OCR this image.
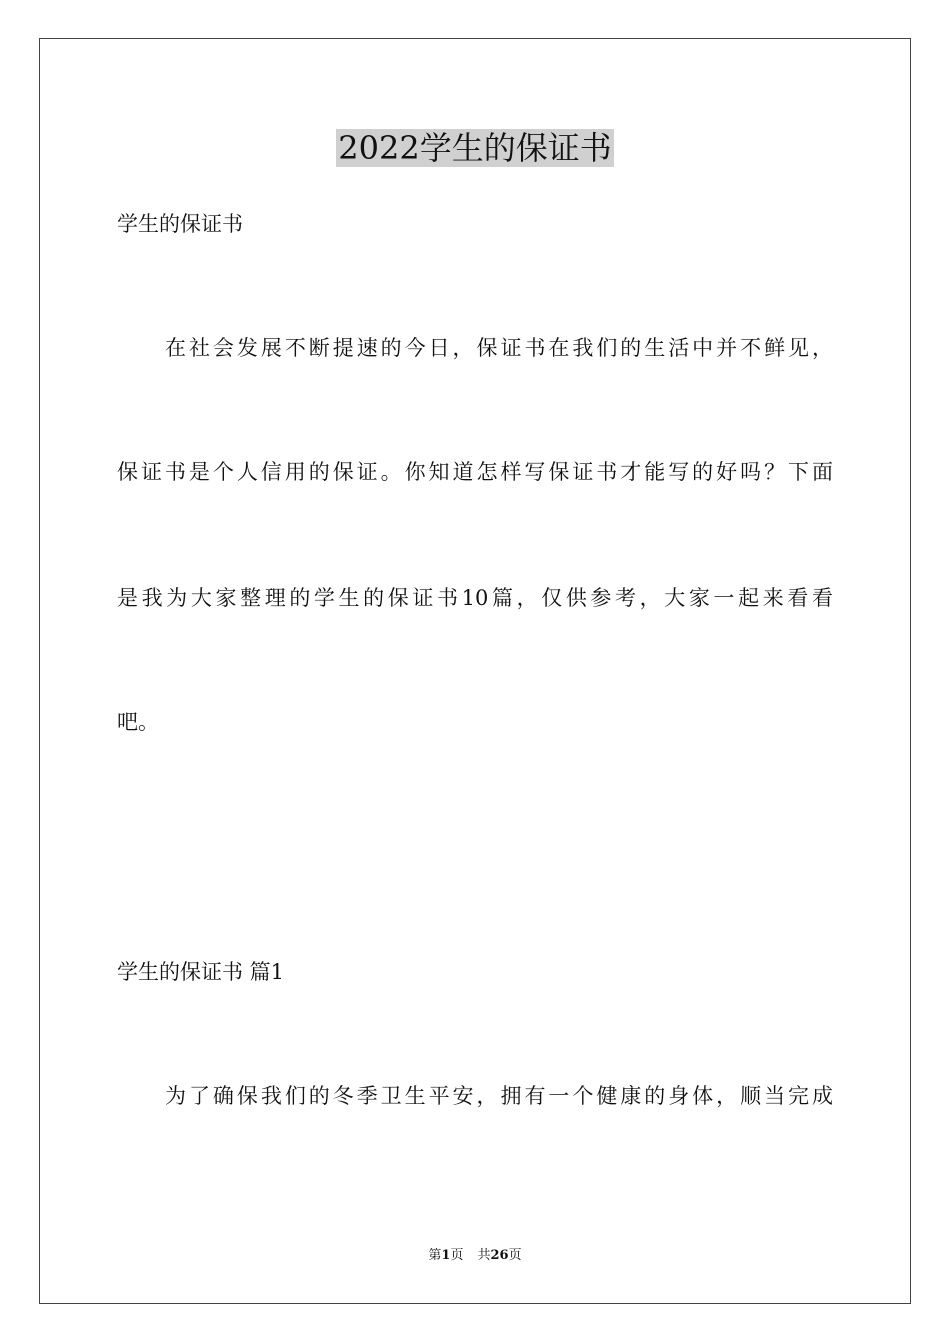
2022学生的保证书

学生的保证书

在社会发展不断提速的今日，保证书在我们的生活中并不鲜见，

保证书是个人信用的保证。你知道怎样写保证书才能写的好吗？下面

是我为大家整理的学生的保证书10篇，仅供参考，大家一起来看看

吧。

学生的保证书 篇1

为了确保我们的冬季卫生平安，拥有一个健康的身体，顺当完成

第1页 共26页
